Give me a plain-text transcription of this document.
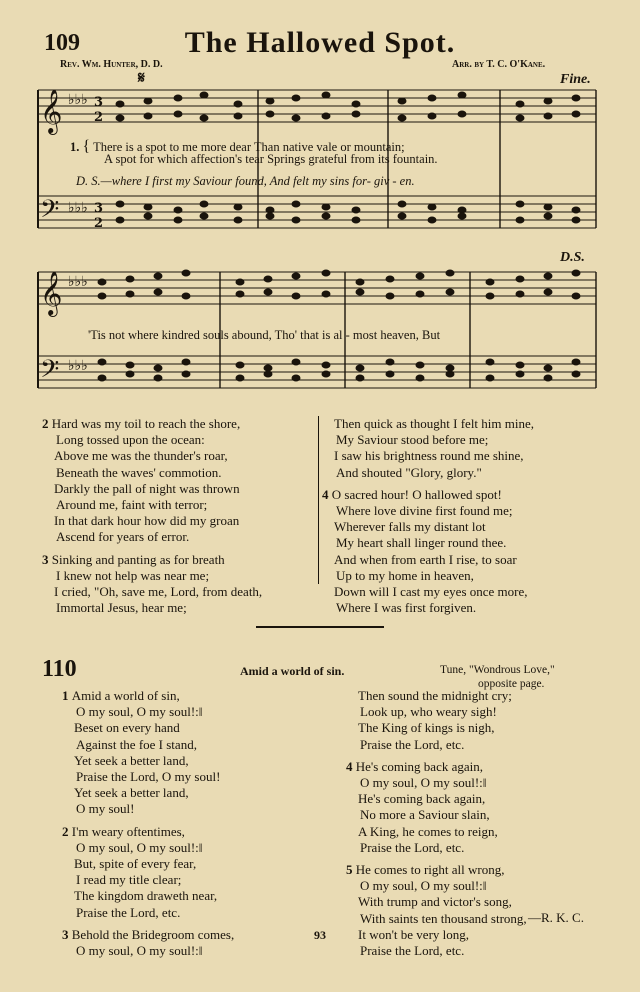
109	The Hallowed Spot.
Rev. Wm. Hunter, D. D.	Arr. by T. C. O'Kane.
𝄋	Fine.
D.S.
𝄞
𝄢
𝄞
𝄢
♭♭♭ 3
2
♭♭♭ 3
2
♭♭♭
♭♭♭
1. { There is a spot to me more dear Than native vale or mountain;
A spot for which affection's tear Springs grateful from its fountain.
D. S.—where I first my Saviour found, And felt my sins for- giv - en.
'Tis not where kindred souls abound, Tho' that is al - most heaven, But
2 Hard was my toil to reach the shore,
Long tossed upon the ocean:
Above me was the thunder's roar,
Beneath the waves' commotion.
Darkly the pall of night was thrown
Around me, faint with terror;
In that dark hour how did my groan
Ascend for years of error.
3 Sinking and panting as for breath
I knew not help was near me;
I cried, "Oh, save me, Lord, from death,
Immortal Jesus, hear me;
Then quick as thought I felt him mine,
My Saviour stood before me;
I saw his brightness round me shine,
And shouted "Glory, glory."
4 O sacred hour! O hallowed spot!
Where love divine first found me;
Wherever falls my distant lot
My heart shall linger round thee.
And when from earth I rise, to soar
Up to my home in heaven,
Down will I cast my eyes once more,
Where I was first forgiven.
110	Amid a world of sin.	Tune, "Wondrous Love,"
opposite page.
1 Amid a world of sin,
O my soul, O my soul!:‖
Beset on every hand
Against the foe I stand,
Yet seek a better land,
Praise the Lord, O my soul!
Yet seek a better land,
O my soul!
2 I'm weary oftentimes,
O my soul, O my soul!:‖
But, spite of every fear,
I read my title clear;
The kingdom draweth near,
Praise the Lord, etc.
3 Behold the Bridegroom comes,
O my soul, O my soul!:‖
Then sound the midnight cry;
Look up, who weary sigh!
The King of kings is nigh,
Praise the Lord, etc.
4 He's coming back again,
O my soul, O my soul!:‖
He's coming back again,
No more a Saviour slain,
A King, he comes to reign,
Praise the Lord, etc.
5 He comes to right all wrong,
O my soul, O my soul!:‖
With trump and victor's song,
With saints ten thousand strong,
It won't be very long,
Praise the Lord, etc.
—R. K. C.
93
